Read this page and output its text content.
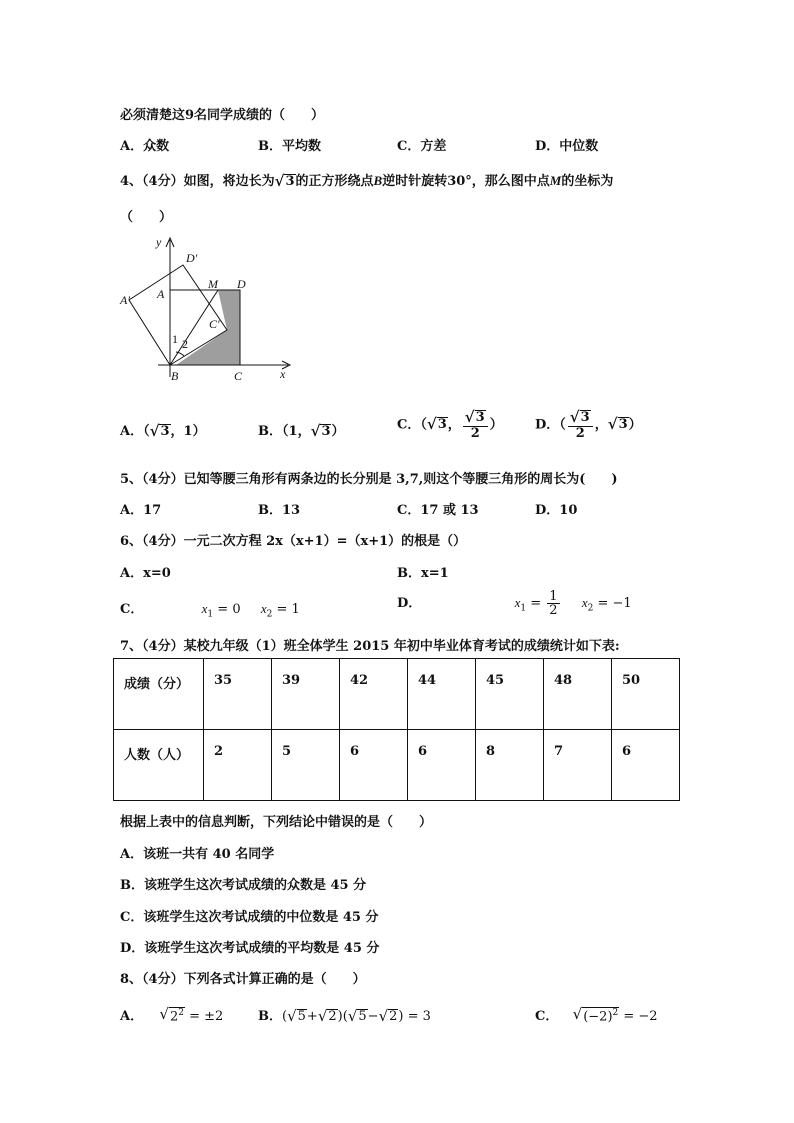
必须清楚这9名同学成绩的（　　）
A．众数	B．平均数	C．方差	D．中位数
4、（4分）如图，将边长为 √ 3 的正方形绕点B逆时针旋转30°，那么图中点M的坐标为
（　　）
y
x
D′
D
M
A′ A
C′
1 2
B	C
A．（ √ 3 ，1）	B．（1， √ 3 ）	C．（ √ 3 ， $\frac{√ 3}{2}$ ） D．（ $\frac{√ 3}{2}$ ， √ 3 ）
5、（4分）已知等腰三角形有两条边的长分别是 3,7,则这个等腰三角形的周长为(　　)
A．17	B．13	C．17 或 13	D．10
6、（4分）一元二次方程 2x（x+1）=（x+1）的根是（）
A．x=0	B．x=1
C．	$x_1 = 0$ $x_2 = 1$	D．	$x_1 = \frac{1}{2} x_2 = -1$
7、（4分）某校九年级（1）班全体学生 2015 年初中毕业体育考试的成绩统计如下表:
成绩（分）	35	39	42	44	45	48	50
人数（人）	2	5	6	6	8	7	6
根据上表中的信息判断，下列结论中错误的是（　　）
A．该班一共有 40 名同学
B．该班学生这次考试成绩的众数是 45 分
C．该班学生这次考试成绩的中位数是 45 分
D．该班学生这次考试成绩的平均数是 45 分
8、（4分）下列各式计算正确的是（　　）
A． √ $2^2 = \pm 2$	B．( √ 5 + √ 2 )( √ 5 − √ 2 ) = 3	C． √ $(-2)^2 = -2$
